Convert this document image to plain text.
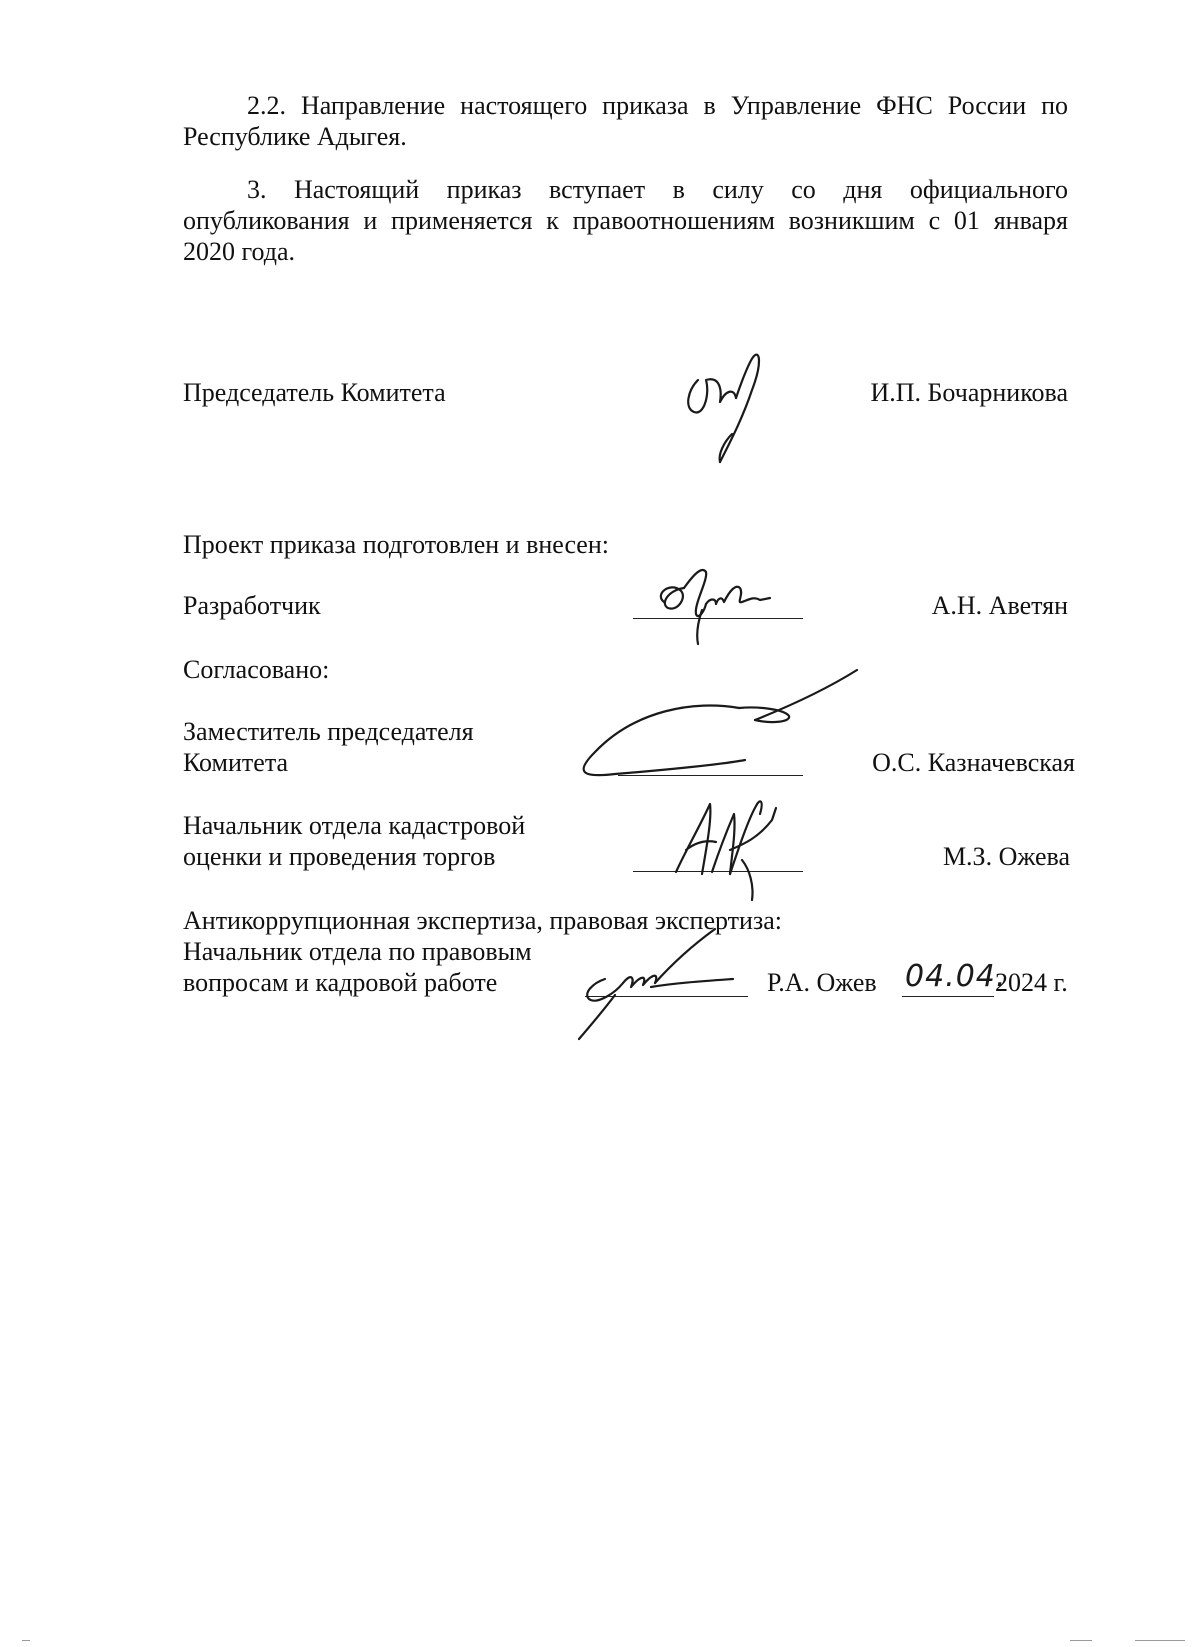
2.2. Направление настоящего приказа в Управление ФНС России по Республике Адыгея.

3. Настоящий приказ вступает в силу со дня официального опубликования и применяется к правоотношениям возникшим с 01 января 2020 года.

Председатель Комитета	И.П. Бочарникова
Проект приказа подготовлен и внесен:
Разработчик	А.Н. Аветян
Согласовано:
Заместитель председателя
Комитета	О.С. Казначевская
Начальник отдела кадастровой
оценки и проведения торгов	М.З. Ожева
Антикоррупционная экспертиза, правовая экспертиза:
Начальник отдела по правовым
вопросам и кадровой работе	Р.А. Ожев 04.04.
2024 г.
